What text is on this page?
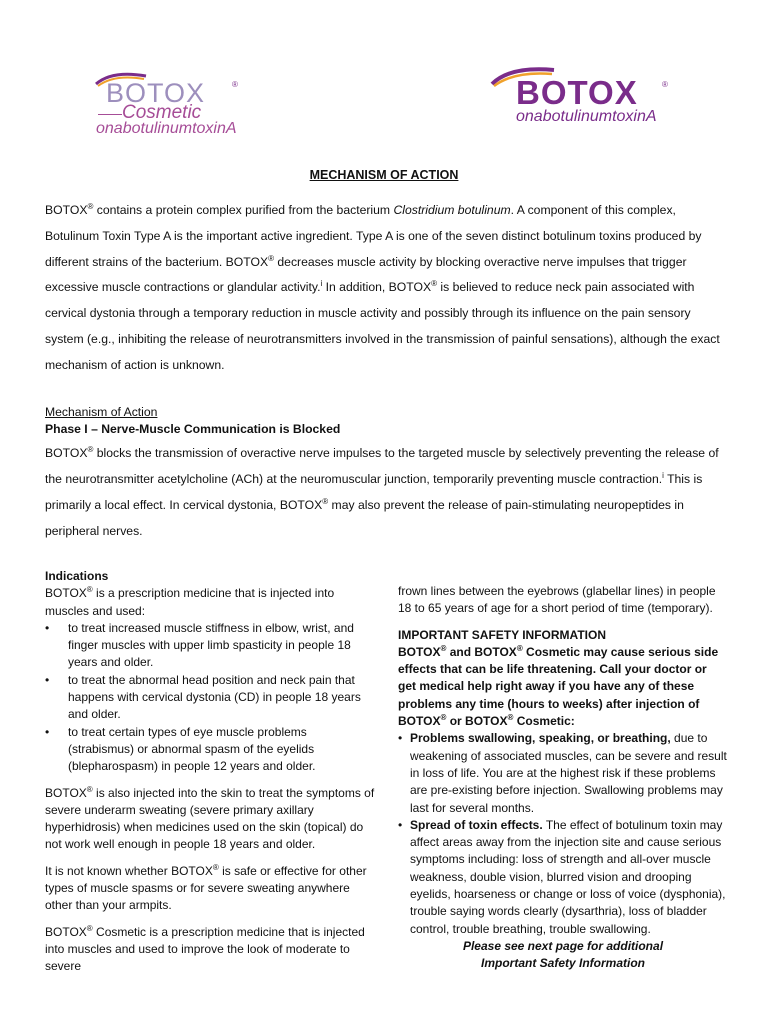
BOTOX	®
Cosmetic
onabotulinumtoxinA
BOTOX	®
onabotulinumtoxinA
MECHANISM OF ACTION

BOTOX® contains a protein complex purified from the bacterium Clostridium botulinum. A component of this complex, Botulinum Toxin Type A is the important active ingredient. Type A is one of the seven distinct botulinum toxins produced by different strains of the bacterium. BOTOX® decreases muscle activity by blocking overactive nerve impulses that trigger excessive muscle contractions or glandular activity.$^i$ In addition, BOTOX® is believed to reduce neck pain associated with cervical dystonia through a temporary reduction in muscle activity and possibly through its influence on the pain sensory system (e.g., inhibiting the release of neurotransmitters involved in the transmission of painful sensations), although the exact mechanism of action is unknown.

Mechanism of Action
Phase I – Nerve-Muscle Communication is Blocked

BOTOX® blocks the transmission of overactive nerve impulses to the targeted muscle by selectively preventing the release of the neurotransmitter acetylcholine (ACh) at the neuromuscular junction, temporarily preventing muscle contraction.$^i$ This is primarily a local effect. In cervical dystonia, BOTOX® may also prevent the release of pain-stimulating neuropeptides in peripheral nerves.

Indications

BOTOX® is a prescription medicine that is injected into muscles and used:

• to treat increased muscle stiffness in elbow, wrist, and finger muscles with upper limb spasticity in people 18 years and older.
• to treat the abnormal head position and neck pain that happens with cervical dystonia (CD) in people 18 years and older.
• to treat certain types of eye muscle problems (strabismus) or abnormal spasm of the eyelids (blepharospasm) in people 12 years and older.

BOTOX® is also injected into the skin to treat the symptoms of severe underarm sweating (severe primary axillary hyperhidrosis) when medicines used on the skin (topical) do not work well enough in people 18 years and older.

It is not known whether BOTOX® is safe or effective for other types of muscle spasms or for severe sweating anywhere other than your armpits.

BOTOX® Cosmetic is a prescription medicine that is injected into muscles and used to improve the look of moderate to severe

frown lines between the eyebrows (glabellar lines) in people 18 to 65 years of age for a short period of time (temporary).

IMPORTANT SAFETY INFORMATION

BOTOX® and BOTOX® Cosmetic may cause serious side effects that can be life threatening. Call your doctor or get medical help right away if you have any of these problems any time (hours to weeks) after injection of BOTOX® or BOTOX® Cosmetic:

• Problems swallowing, speaking, or breathing, due to weakening of associated muscles, can be severe and result in loss of life. You are at the highest risk if these problems are pre-existing before injection. Swallowing problems may last for several months.
• Spread of toxin effects. The effect of botulinum toxin may affect areas away from the injection site and cause serious symptoms including: loss of strength and all-over muscle weakness, double vision, blurred vision and drooping eyelids, hoarseness or change or loss of voice (dysphonia), trouble saying words clearly (dysarthria), loss of bladder control, trouble breathing, trouble swallowing.

Please see next page for additional
Important Safety Information
